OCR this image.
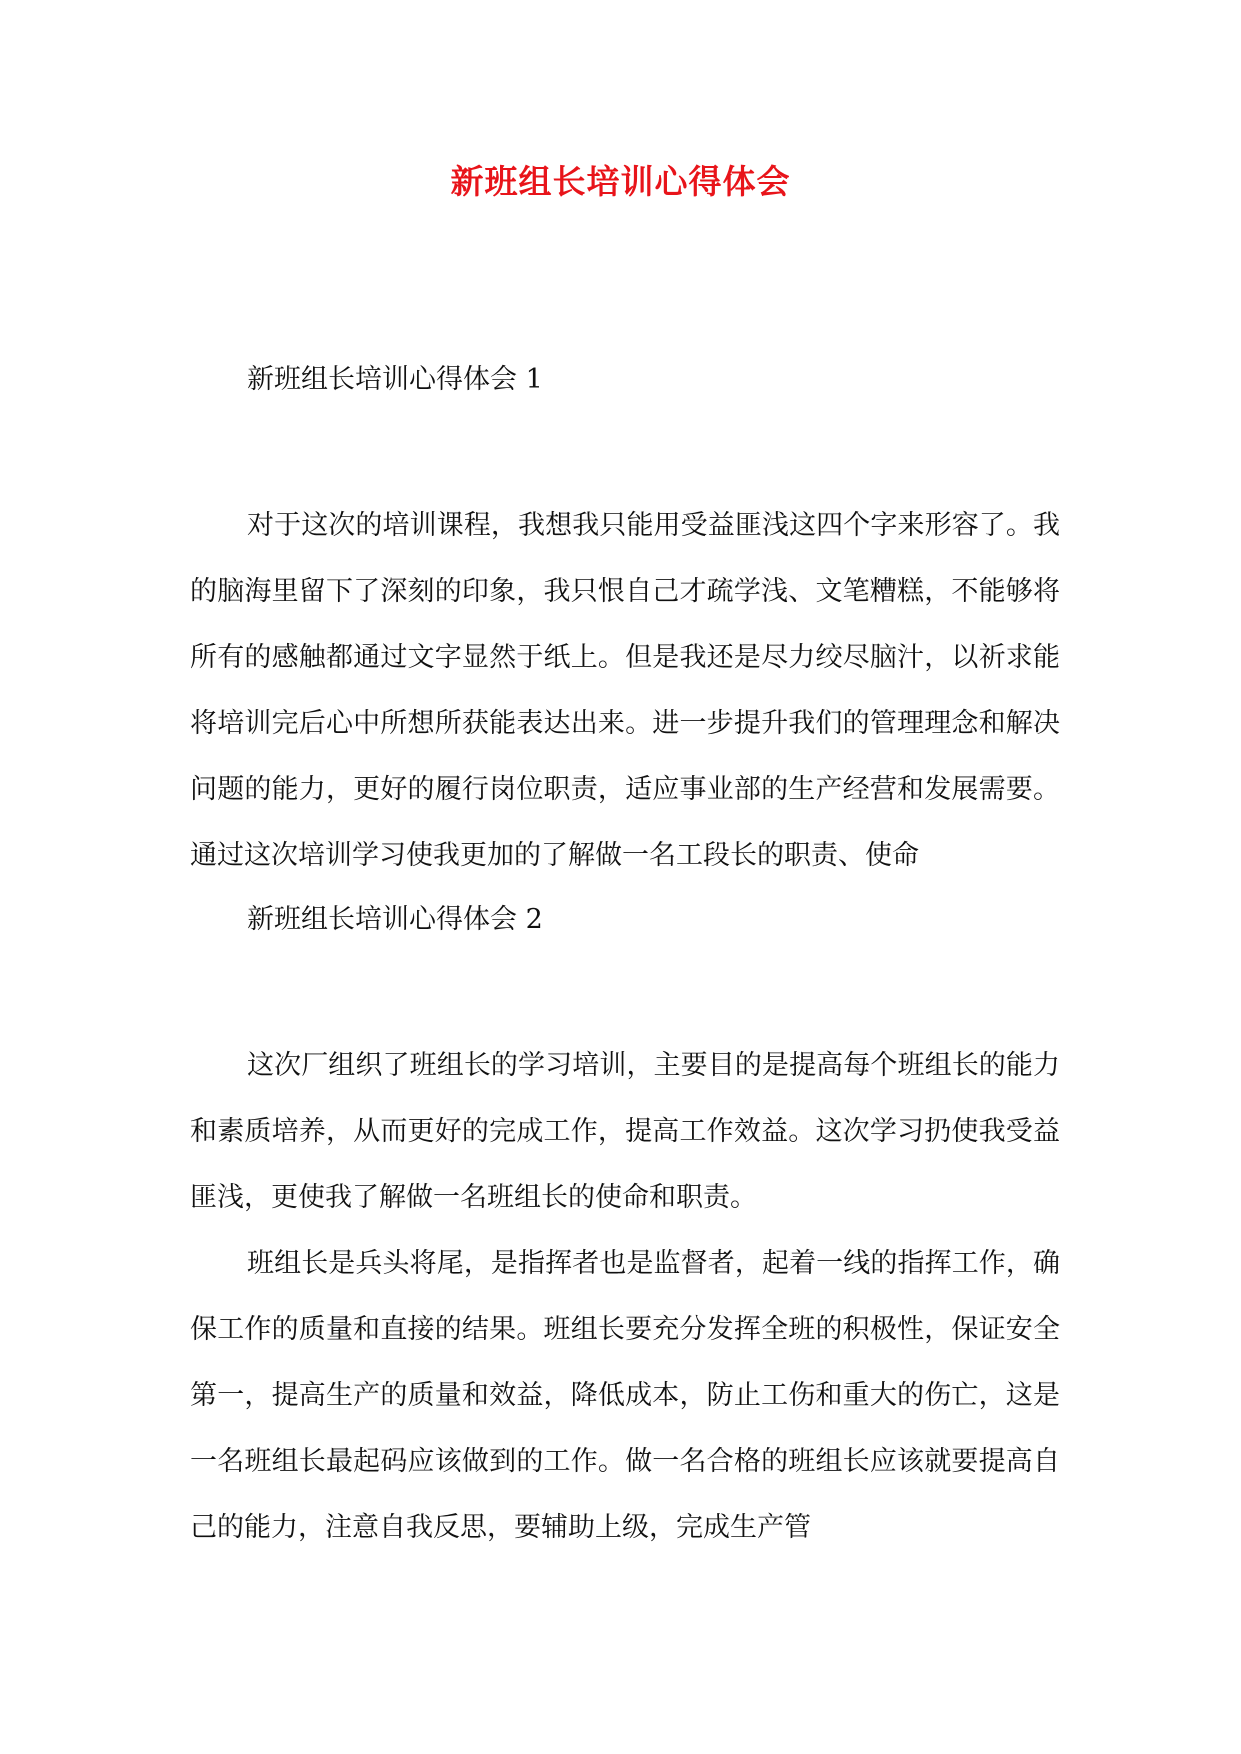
新班组长培训心得体会

新班组长培训心得体会 1

对于这次的培训课程，我想我只能用受益匪浅这四个字来形容了。我的脑海里留下了深刻的印象，我只恨自己才疏学浅、文笔糟糕，不能够将所有的感触都通过文字显然于纸上。但是我还是尽力绞尽脑汁，以祈求能将培训完后心中所想所获能表达出来。进一步提升我们的管理理念和解决问题的能力，更好的履行岗位职责，适应事业部的生产经营和发展需要。通过这次培训学习使我更加的了解做一名工段长的职责、使命

新班组长培训心得体会 2

这次厂组织了班组长的学习培训，主要目的是提高每个班组长的能力和素质培养，从而更好的完成工作，提高工作效益。这次学习扔使我受益匪浅，更使我了解做一名班组长的使命和职责。

班组长是兵头将尾，是指挥者也是监督者，起着一线的指挥工作，确保工作的质量和直接的结果。班组长要充分发挥全班的积极性，保证安全第一，提高生产的质量和效益，降低成本，防止工伤和重大的伤亡，这是一名班组长最起码应该做到的工作。做一名合格的班组长应该就要提高自己的能力，注意自我反思，要辅助上级，完成生产管
